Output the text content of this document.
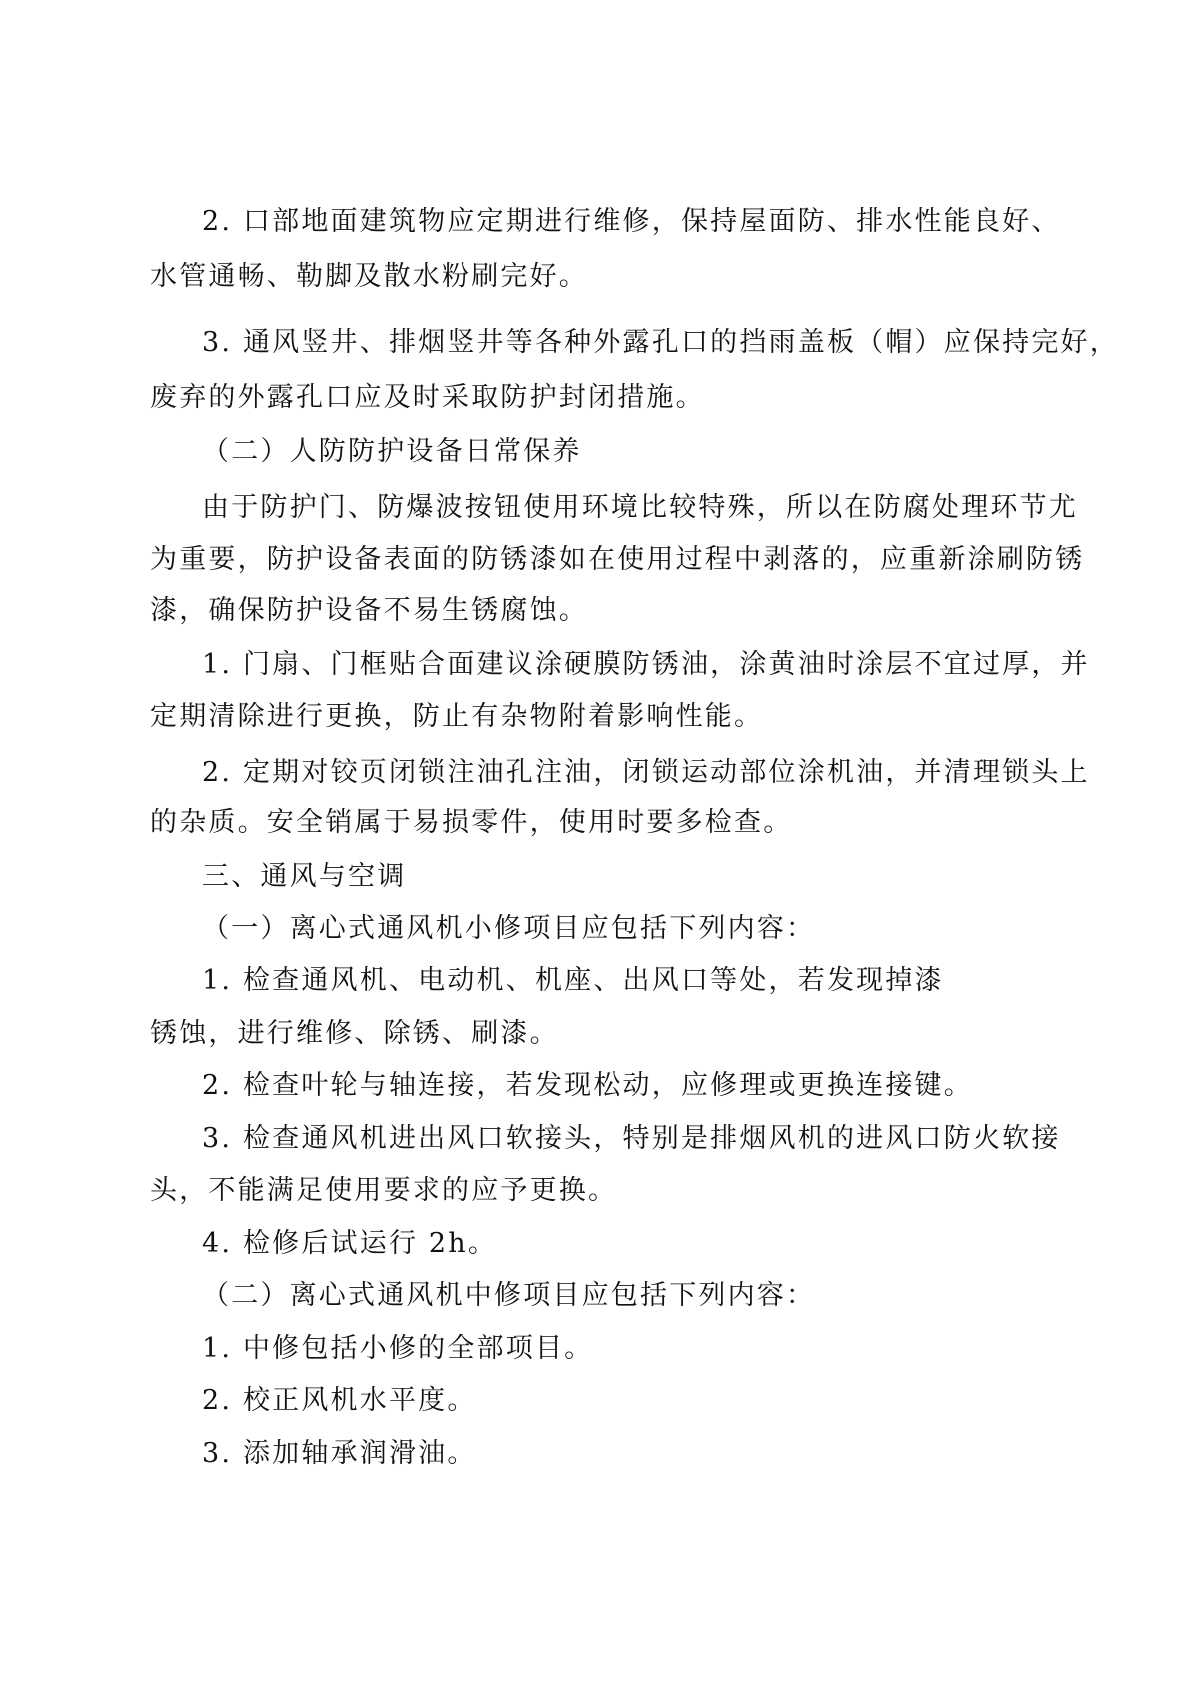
2. 口部地面建筑物应定期进行维修，保持屋面防、排水性能良好、

水管通畅、勒脚及散水粉刷完好。

3. 通风竖井、排烟竖井等各种外露孔口的挡雨盖板（帽）应保持完好，

废弃的外露孔口应及时采取防护封闭措施。

（二）人防防护设备日常保养

由于防护门、防爆波按钮使用环境比较特殊，所以在防腐处理环节尤

为重要，防护设备表面的防锈漆如在使用过程中剥落的，应重新涂刷防锈

漆，确保防护设备不易生锈腐蚀。

1. 门扇、门框贴合面建议涂硬膜防锈油，涂黄油时涂层不宜过厚，并

定期清除进行更换，防止有杂物附着影响性能。

2. 定期对铰页闭锁注油孔注油，闭锁运动部位涂机油，并清理锁头上

的杂质。安全销属于易损零件，使用时要多检查。

三、通风与空调

（一）离心式通风机小修项目应包括下列内容：

1. 检查通风机、电动机、机座、出风口等处，若发现掉漆

锈蚀，进行维修、除锈、刷漆。

2. 检查叶轮与轴连接，若发现松动，应修理或更换连接键。

3. 检查通风机进出风口软接头，特别是排烟风机的进风口防火软接

头，不能满足使用要求的应予更换。

4. 检修后试运行 2h。

（二）离心式通风机中修项目应包括下列内容：

1. 中修包括小修的全部项目。

2. 校正风机水平度。

3. 添加轴承润滑油。
